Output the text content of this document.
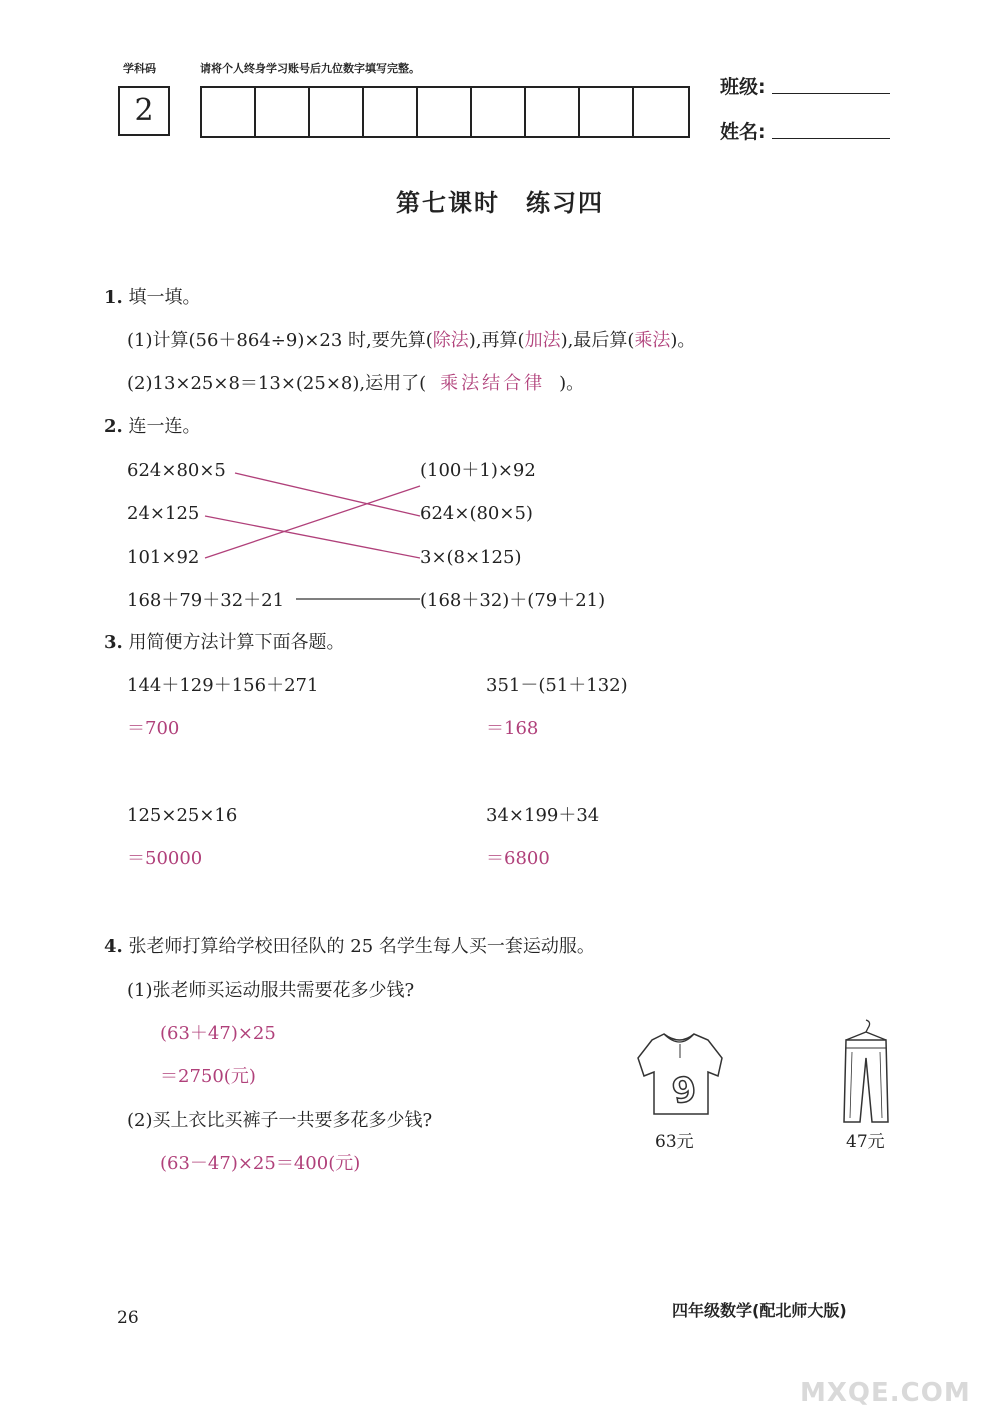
学科码	请将个人终身学习账号后九位数字填写完整。
2
班级:
姓名:
第七课时　练习四
1. 填一填。
(1)计算(56＋864÷9)×23 时,要先算(除法),再算(加法),最后算(乘法)。
(2)13×25×8＝13×(25×8),运用了( 乘法结合律 )。
2. 连一连。
624×80×5
24×125
101×92
168＋79＋32＋21
(100＋1)×92
624×(80×5)
3×(8×125)
(168＋32)＋(79＋21)
3. 用简便方法计算下面各题。
144＋129＋156＋271
＝700
351－(51＋132)
＝168
125×25×16
＝50000
34×199＋34
＝6800
4. 张老师打算给学校田径队的 25 名学生每人买一套运动服。
(1)张老师买运动服共需要花多少钱?
(63＋47)×25
＝2750(元)
(2)买上衣比买裤子一共要多花多少钱?
(63－47)×25＝400(元)
9
63元	47元
26	四年级数学(配北师大版)
MXQE.COM
